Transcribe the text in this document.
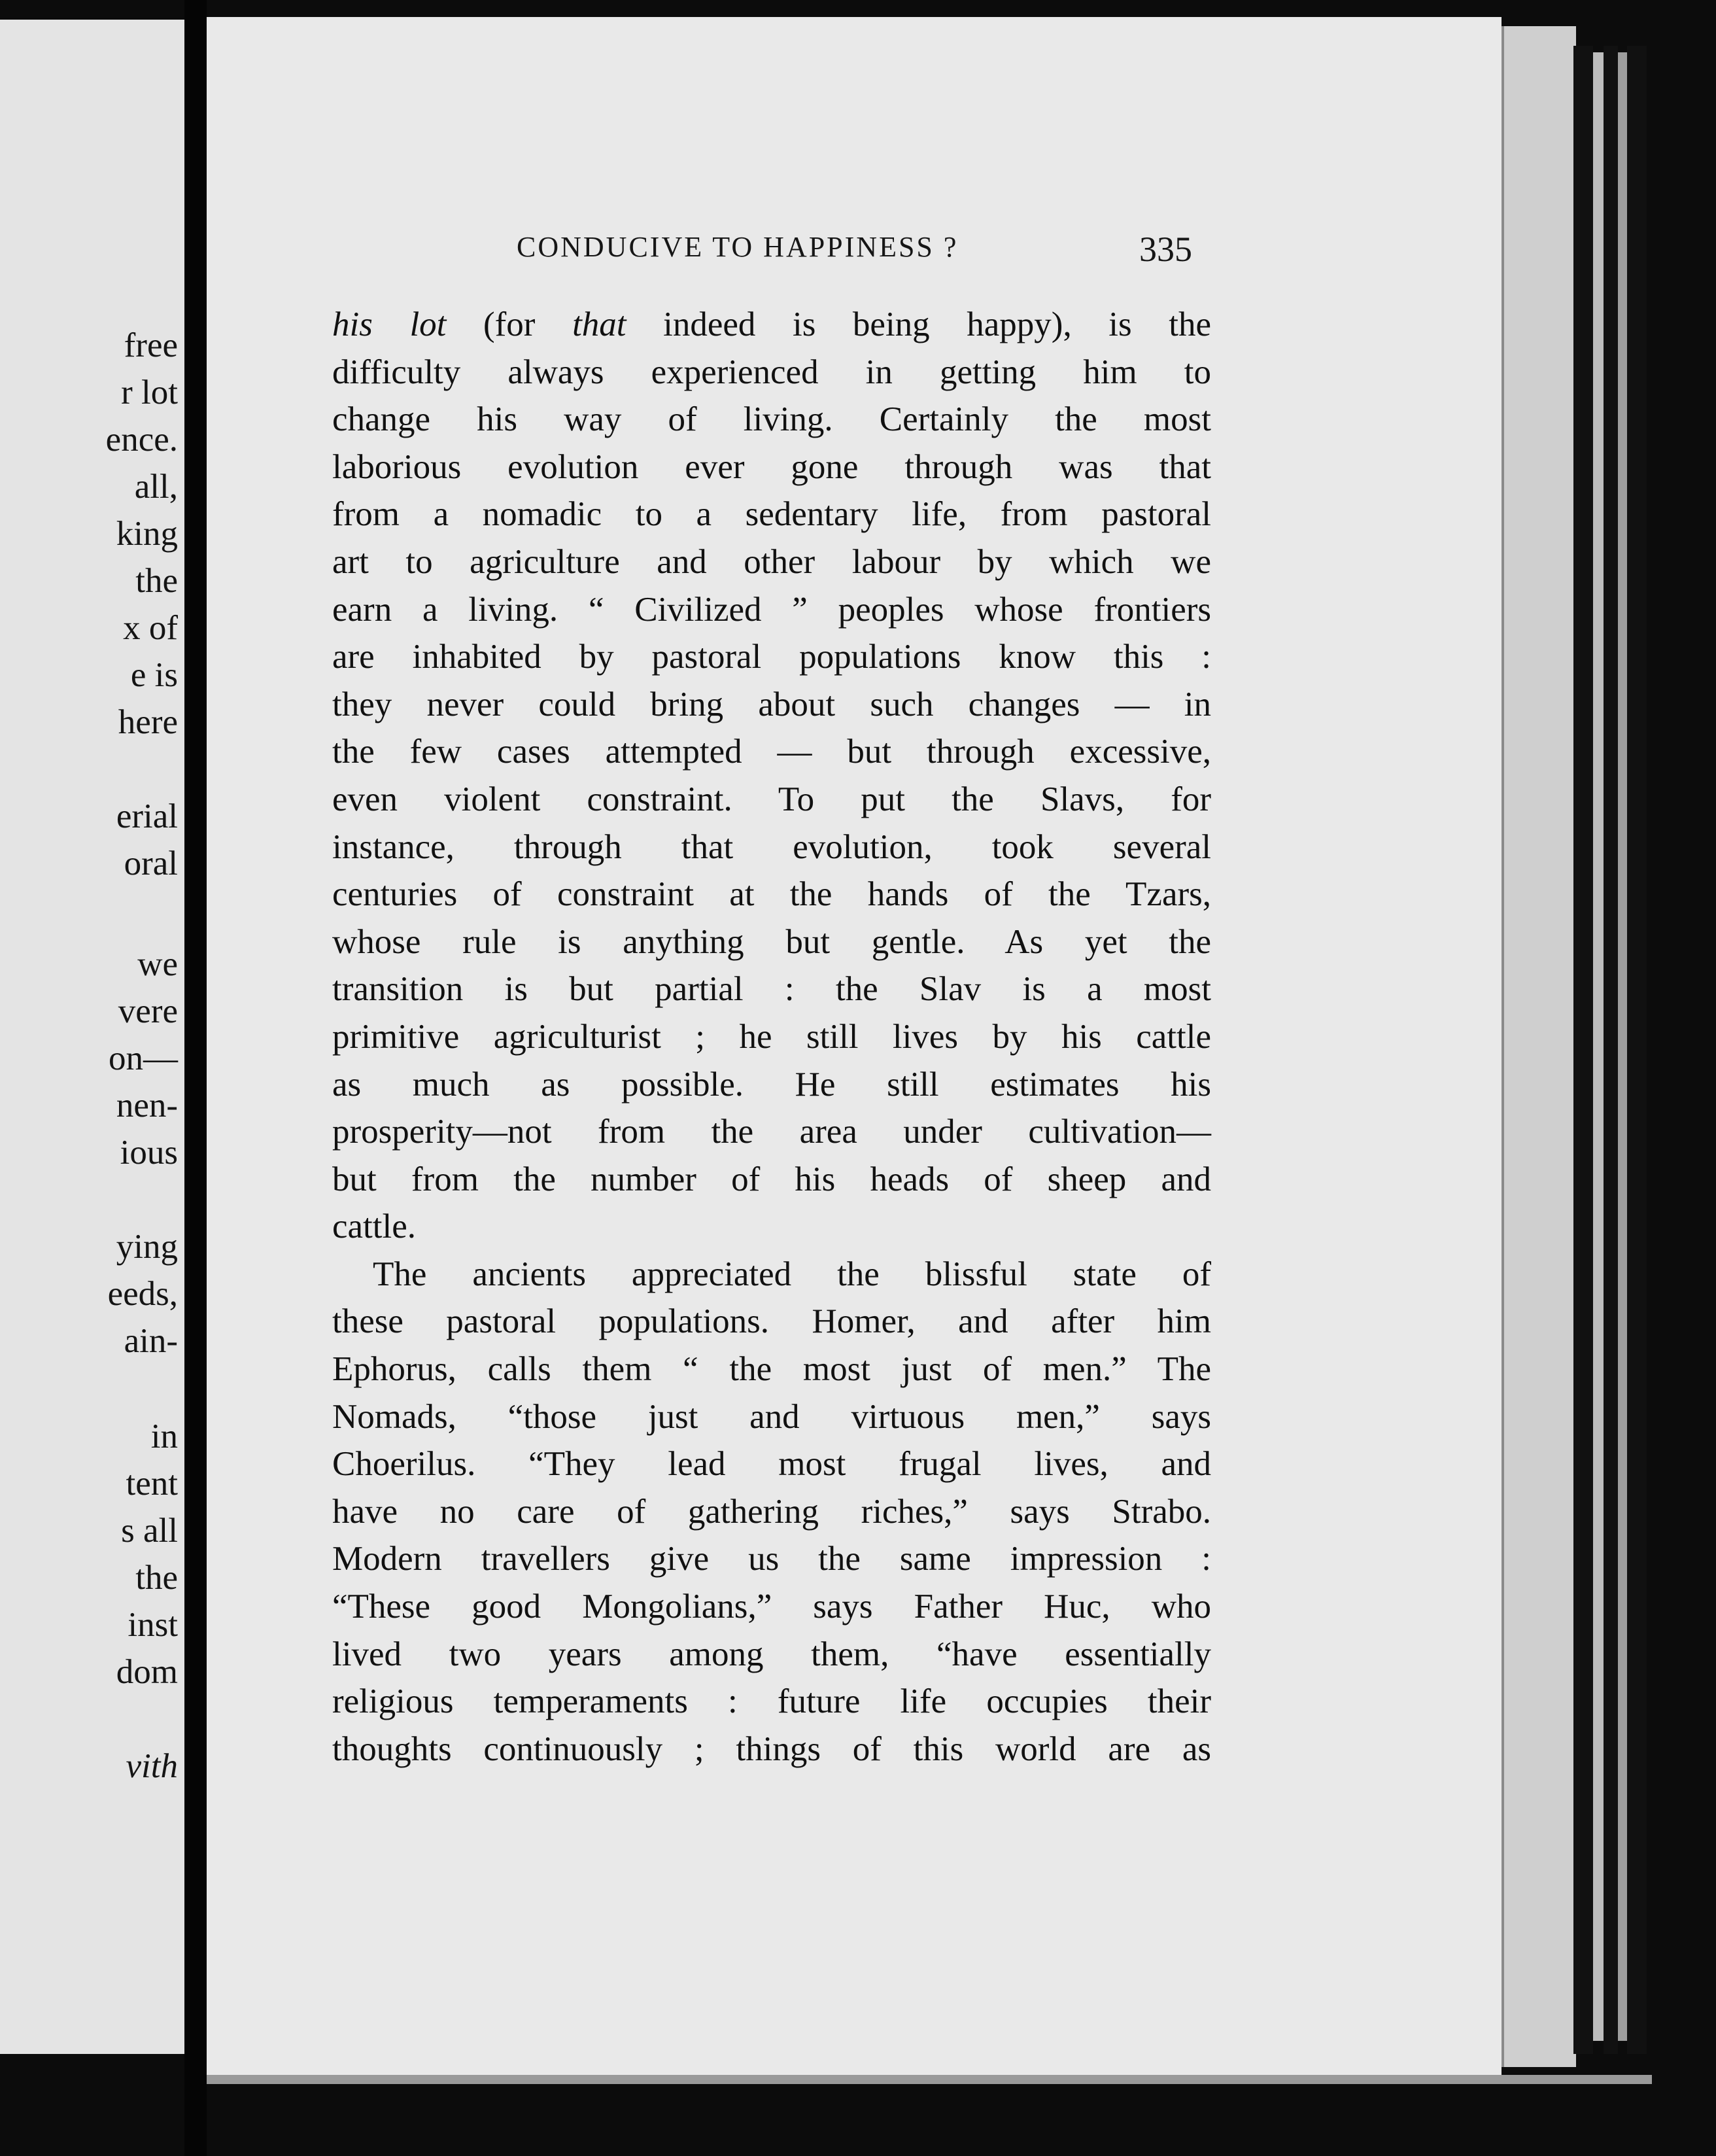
free

r lot

ence.

all,

king

the

x of

e is

here

erial

oral

we

vere

on—

nen-

ious

ying

eeds,

ain-

in

tent

s all

the

inst

dom

vith

CONDUCIVE TO HAPPINESS ?	335

his lot (for that indeed is being happy), is the
difficulty always experienced in getting him to
change his way of living. Certainly the most
laborious evolution ever gone through was that
from a nomadic to a sedentary life, from pastoral
art to agriculture and other labour by which we
earn a living. “ Civilized ” peoples whose frontiers
are inhabited by pastoral populations know this :
they never could bring about such changes — in
the few cases attempted — but through excessive,
even violent constraint. To put the Slavs, for
instance, through that evolution, took several
centuries of constraint at the hands of the Tzars,
whose rule is anything but gentle. As yet the
transition is but partial : the Slav is a most
primitive agriculturist ; he still lives by his cattle
as much as possible. He still estimates his
prosperity—not from the area under cultivation—
but from the number of his heads of sheep and
cattle.
The ancients appreciated the blissful state of
these pastoral populations. Homer, and after him
Ephorus, calls them “ the most just of men.” The
Nomads, “those just and virtuous men,” says
Choerilus. “They lead most frugal lives, and
have no care of gathering riches,” says Strabo.
Modern travellers give us the same impression :
“These good Mongolians,” says Father Huc, who
lived two years among them, “have essentially
religious temperaments : future life occupies their
thoughts continuously ; things of this world are as
